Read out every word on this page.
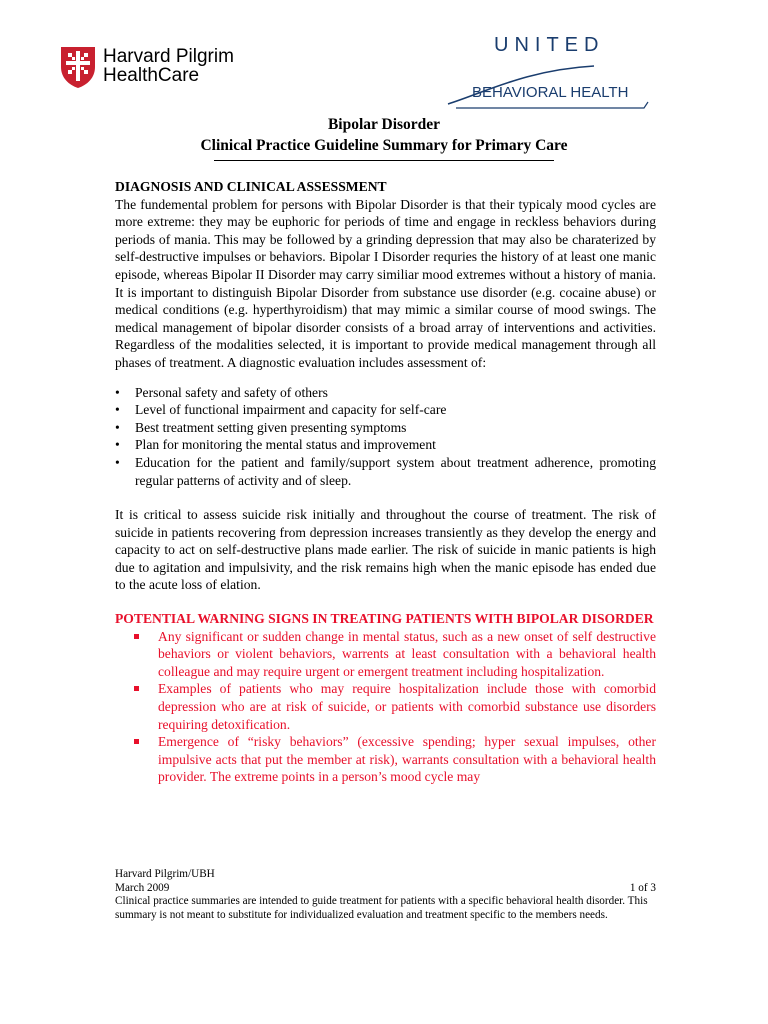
Harvard Pilgrim
HealthCare
UNITED
BEHAVIORAL HEALTH
Bipolar Disorder
Clinical Practice Guideline Summary for Primary Care

DIAGNOSIS AND CLINICAL ASSESSMENT

The fundemental problem for persons with Bipolar Disorder is that their typicaly mood cycles are more extreme: they may be euphoric for periods of time and engage in reckless behaviors during periods of mania. This may be followed by a grinding depression that may also be charaterized by self-destructive impulses or behaviors. Bipolar I Disorder requries the history of at least one manic episode, whereas Bipolar II Disorder may carry similiar mood extremes without a history of mania. It is important to distinguish Bipolar Disorder from substance use disorder (e.g. cocaine abuse) or medical conditions (e.g. hyperthyroidism) that may mimic a similar course of mood swings. The medical management of bipolar disorder consists of a broad array of interventions and activities. Regardless of the modalities selected, it is important to provide medical management through all phases of treatment. A diagnostic evaluation includes assessment of:

• Personal safety and safety of others
• Level of functional impairment and capacity for self-care
• Best treatment setting given presenting symptoms
• Plan for monitoring the mental status and improvement
• Education for the patient and family/support system about treatment adherence, promoting regular patterns of activity and of sleep.

It is critical to assess suicide risk initially and throughout the course of treatment. The risk of suicide in patients recovering from depression increases transiently as they develop the energy and capacity to act on self-destructive plans made earlier. The risk of suicide in manic patients is high due to agitation and impulsivity, and the risk remains high when the manic episode has ended due to the acute loss of elation.

POTENTIAL WARNING SIGNS IN TREATING PATIENTS WITH BIPOLAR DISORDER

Any significant or sudden change in mental status, such as a new onset of self destructive behaviors or violent behaviors, warrents at least consultation with a behavioral health colleague and may require urgent or emergent treatment including hospitalization.
Examples of patients who may require hospitalization include those with comorbid depression who are at risk of suicide, or patients with comorbid substance use disorders requiring detoxification.
Emergence of “risky behaviors” (excessive spending; hyper sexual impulses, other impulsive acts that put the member at risk), warrants consultation with a behavioral health provider. The extreme points in a person’s mood cycle may
Harvard Pilgrim/UBH
March 2009	1 of 3
Clinical practice summaries are intended to guide treatment for patients with a specific behavioral health disorder. This summary is not meant to substitute for individualized evaluation and treatment specific to the members needs.
